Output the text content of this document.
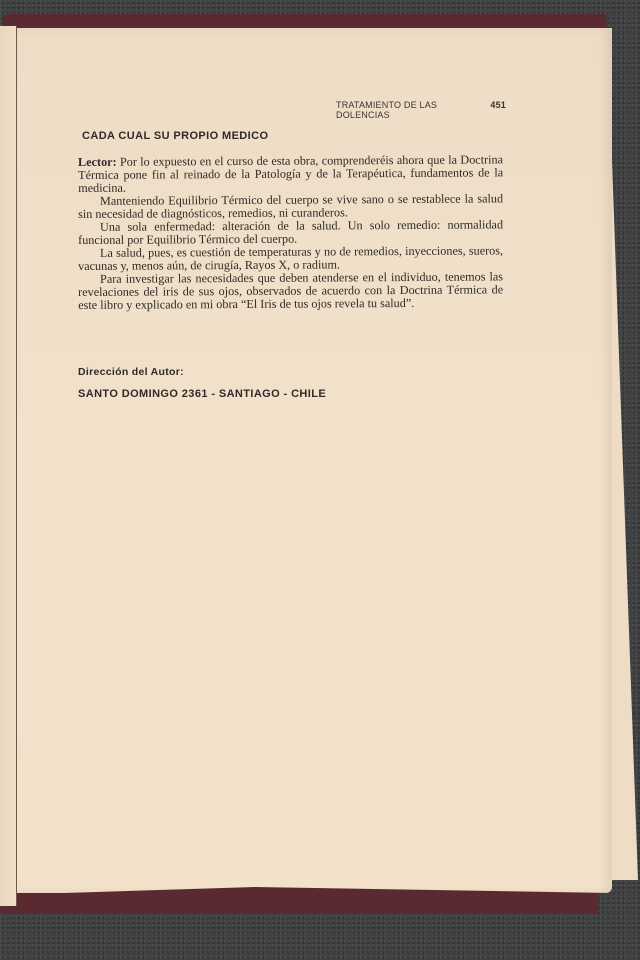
TRATAMIENTO DE LAS DOLENCIAS
451
CADA CUAL SU PROPIO MEDICO

Lector: Por lo expuesto en el curso de esta obra, comprenderéis ahora que la Doctrina Térmica pone fin al reinado de la Patología y de la Terapéutica, fundamentos de la medicina.

Manteniendo Equilibrio Térmico del cuerpo se vive sano o se restablece la salud sin necesidad de diagnósticos, remedios, ni curanderos.

Una sola enfermedad: alteración de la salud. Un solo remedio: normalidad funcional por Equilibrio Térmico del cuerpo.

La salud, pues, es cuestión de temperaturas y no de remedios, inyecciones, sueros, vacunas y, menos aún, de cirugía, Rayos X, o radium.

Para investigar las necesidades que deben atenderse en el individuo, tenemos las revelaciones del iris de sus ojos, observados de acuerdo con la Doctrina Térmica de este libro y explicado en mi obra “El Iris de tus ojos revela tu salud”.

Dirección del Autor:
SANTO DOMINGO 2361 - SANTIAGO - CHILE
